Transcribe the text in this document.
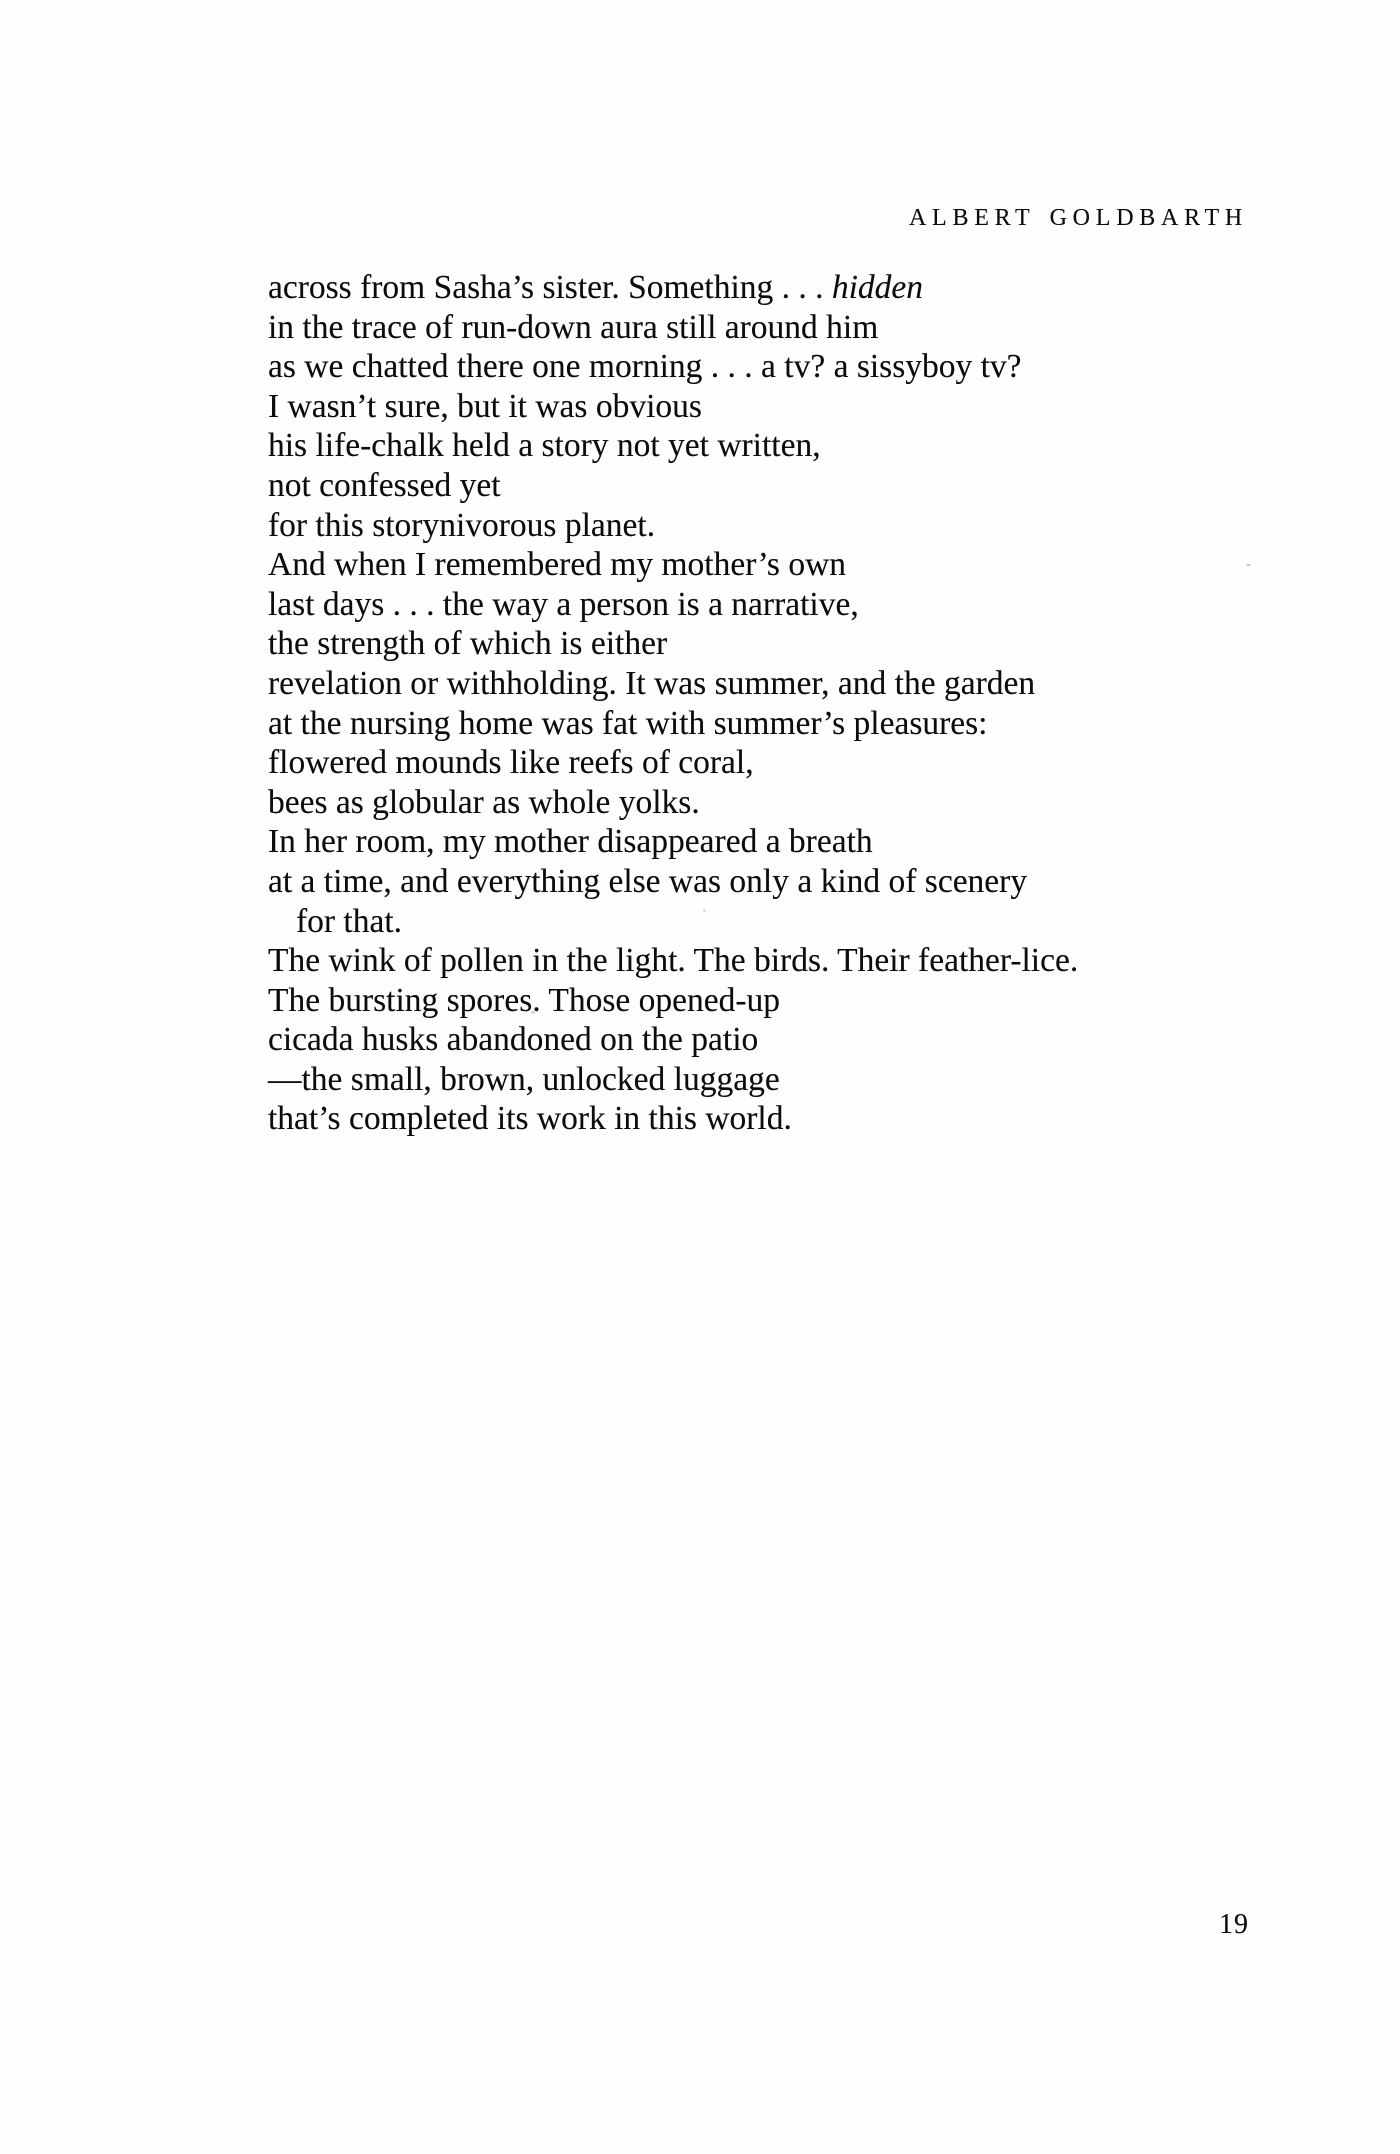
ALBERT GOLDBARTH
across from Sasha’s sister. Something . . . hidden
in the trace of run-down aura still around him
as we chatted there one morning . . . a tv? a sissyboy tv?
I wasn’t sure, but it was obvious
his life-chalk held a story not yet written,
not confessed yet
for this storynivorous planet.
And when I remembered my mother’s own
last days . . . the way a person is a narrative,
the strength of which is either
revelation or withholding. It was summer, and the garden
at the nursing home was fat with summer’s pleasures:
flowered mounds like reefs of coral,
bees as globular as whole yolks.
In her room, my mother disappeared a breath
at a time, and everything else was only a kind of scenery
for that.
The wink of pollen in the light. The birds. Their feather-lice.
The bursting spores. Those opened-up
cicada husks abandoned on the patio
—the small, brown, unlocked luggage
that’s completed its work in this world.
19
